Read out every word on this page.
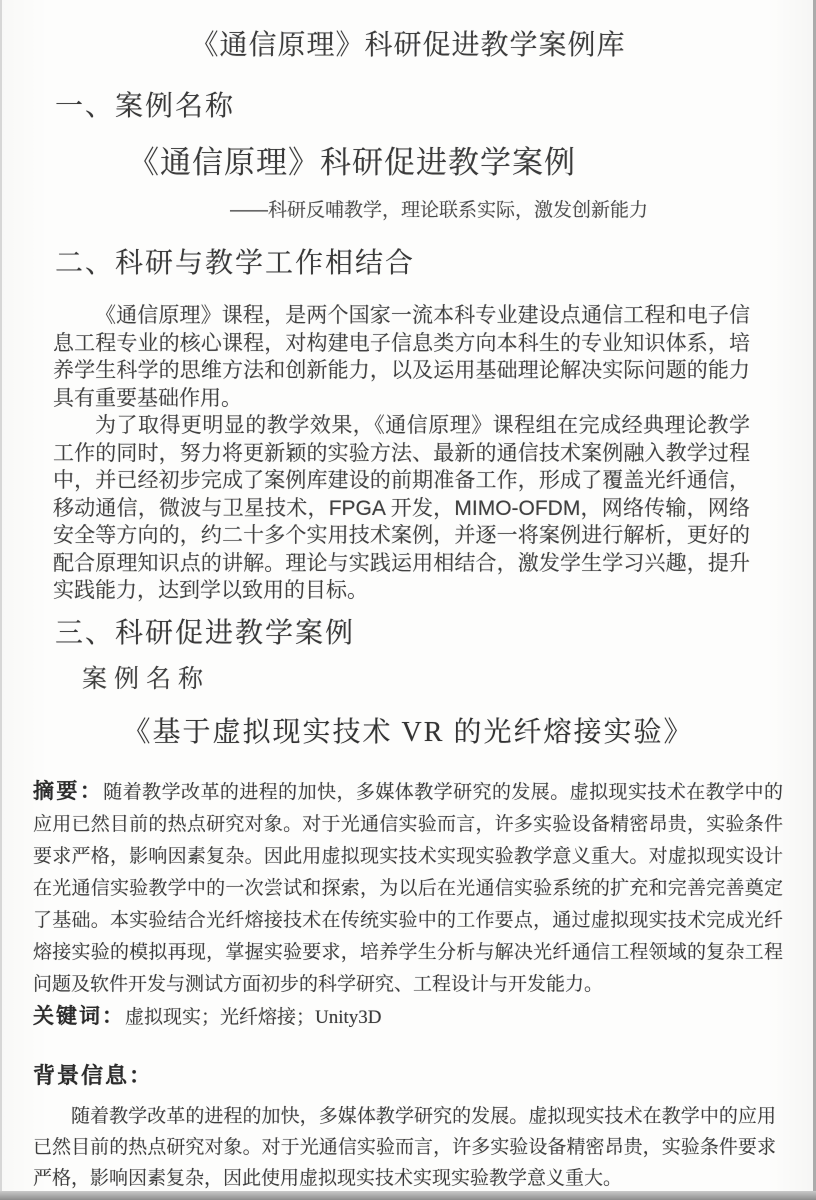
《通信原理》科研促进教学案例库
一、案例名称
《通信原理》科研促进教学案例
——科研反哺教学，理论联系实际，激发创新能力
二、科研与教学工作相结合

《通信原理》课程，是两个国家一流本科专业建设点通信工程和电子信息工程专业的核心课程，对构建电子信息类方向本科生的专业知识体系，培养学生科学的思维方法和创新能力，以及运用基础理论解决实际问题的能力具有重要基础作用。

为了取得更明显的教学效果，《通信原理》课程组在完成经典理论教学工作的同时，努力将更新颖的实验方法、最新的通信技术案例融入教学过程中，并已经初步完成了案例库建设的前期准备工作，形成了覆盖光纤通信，移动通信，微波与卫星技术，FPGA 开发，MIMO-OFDM，网络传输，网络安全等方向的，约二十多个实用技术案例，并逐一将案例进行解析，更好的配合原理知识点的讲解。理论与实践运用相结合，激发学生学习兴趣，提升实践能力，达到学以致用的目标。

三、科研促进教学案例
案例名称
《基于虚拟现实技术 VR 的光纤熔接实验》

摘要：随着教学改革的进程的加快，多媒体教学研究的发展。虚拟现实技术在教学中的应用已然目前的热点研究对象。对于光通信实验而言，许多实验设备精密昂贵，实验条件要求严格，影响因素复杂。因此用虚拟现实技术实现实验教学意义重大。对虚拟现实设计在光通信实验教学中的一次尝试和探索，为以后在光通信实验系统的扩充和完善完善奠定了基础。本实验结合光纤熔接技术在传统实验中的工作要点，通过虚拟现实技术完成光纤熔接实验的模拟再现，掌握实验要求，培养学生分析与解决光纤通信工程领域的复杂工程问题及软件开发与测试方面初步的科学研究、工程设计与开发能力。

关键词：虚拟现实；光纤熔接；Unity3D

背景信息：

随着教学改革的进程的加快，多媒体教学研究的发展。虚拟现实技术在教学中的应用已然目前的热点研究对象。对于光通信实验而言，许多实验设备精密昂贵，实验条件要求严格，影响因素复杂，因此使用虚拟现实技术实现实验教学意义重大。
